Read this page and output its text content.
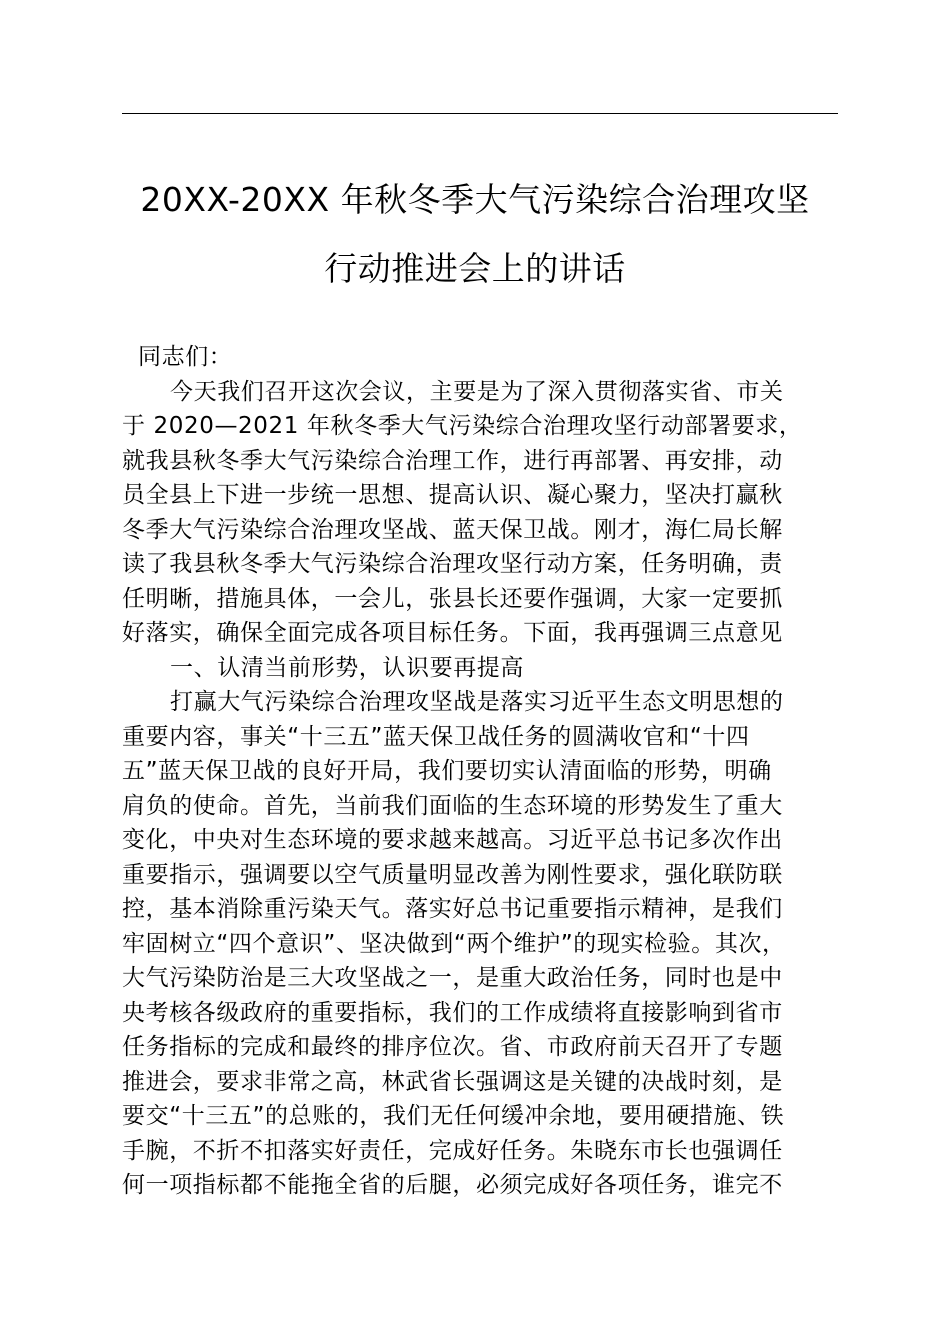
20XX-20XX 年秋冬季大气污染综合治理攻坚
行动推进会上的讲话
同志们：
今天我们召开这次会议，主要是为了深入贯彻落实省、市关
于 2020—2021 年秋冬季大气污染综合治理攻坚行动部署要求，
就我县秋冬季大气污染综合治理工作，进行再部署、再安排，动
员全县上下进一步统一思想、提高认识、凝心聚力，坚决打赢秋
冬季大气污染综合治理攻坚战、蓝天保卫战。刚才，海仁局长解
读了我县秋冬季大气污染综合治理攻坚行动方案，任务明确，责
任明晰，措施具体，一会儿，张县长还要作强调，大家一定要抓
好落实，确保全面完成各项目标任务。下面，我再强调三点意见
一、认清当前形势，认识要再提高
打赢大气污染综合治理攻坚战是落实习近平生态文明思想的
重要内容，事关“十三五”蓝天保卫战任务的圆满收官和“十四
五”蓝天保卫战的良好开局，我们要切实认清面临的形势，明确
肩负的使命。首先，当前我们面临的生态环境的形势发生了重大
变化，中央对生态环境的要求越来越高。习近平总书记多次作出
重要指示，强调要以空气质量明显改善为刚性要求，强化联防联
控，基本消除重污染天气。落实好总书记重要指示精神，是我们
牢固树立“四个意识”、坚决做到“两个维护”的现实检验。其次，
大气污染防治是三大攻坚战之一，是重大政治任务，同时也是中
央考核各级政府的重要指标，我们的工作成绩将直接影响到省市
任务指标的完成和最终的排序位次。省、市政府前天召开了专题
推进会，要求非常之高，林武省长强调这是关键的决战时刻，是
要交“十三五”的总账的，我们无任何缓冲余地，要用硬措施、铁
手腕，不折不扣落实好责任，完成好任务。朱晓东市长也强调任
何一项指标都不能拖全省的后腿，必须完成好各项任务，谁完不
